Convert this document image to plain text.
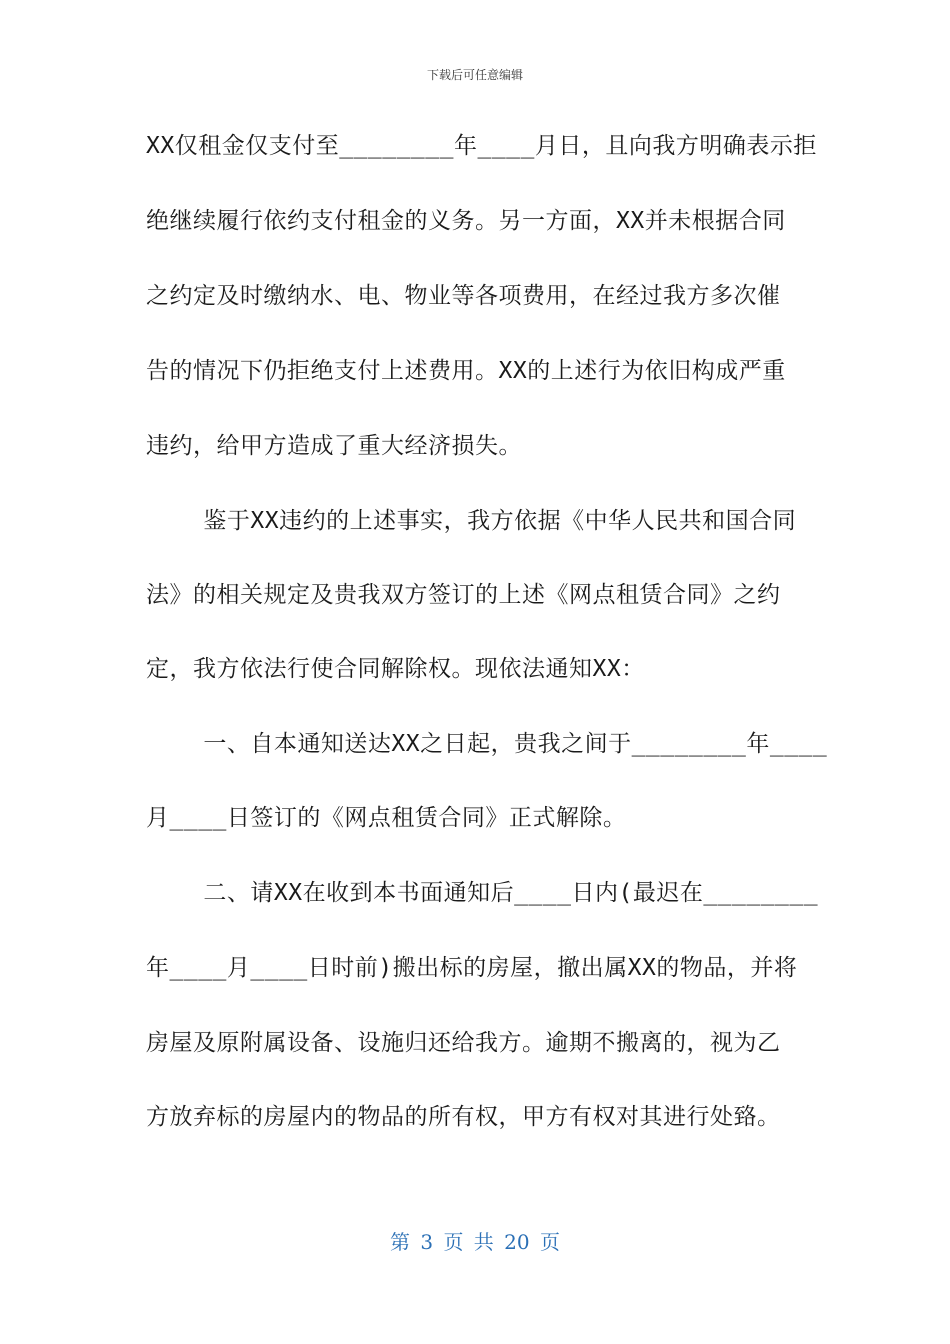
下载后可任意编辑
XX仅租金仅支付至________年____月日，且向我方明确表示拒
绝继续履行依约支付租金的义务。另一方面，XX并未根据合同
之约定及时缴纳水、电、物业等各项费用，在经过我方多次催
告的情况下仍拒绝支付上述费用。XX的上述行为依旧构成严重
违约，给甲方造成了重大经济损失。
鉴于XX违约的上述事实，我方依据《中华人民共和国合同
法》的相关规定及贵我双方签订的上述《网点租赁合同》之约
定，我方依法行使合同解除权。现依法通知XX：
一、自本通知送达XX之日起，贵我之间于________年____
月____日签订的《网点租赁合同》正式解除。
二、请XX在收到本书面通知后____日内(最迟在________
年____月____日时前)搬出标的房屋，撤出属XX的物品，并将
房屋及原附属设备、设施归还给我方。逾期不搬离的，视为乙
方放弃标的房屋内的物品的所有权，甲方有权对其进行处臵。
第 3 页 共 20 页
